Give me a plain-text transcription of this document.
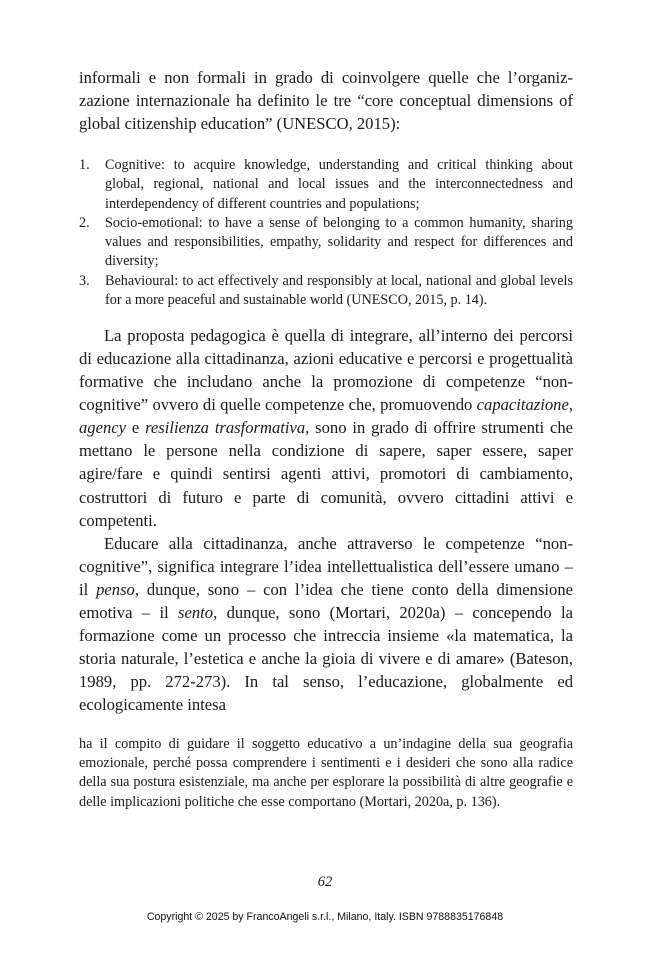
informali e non formali in grado di coinvolgere quelle che l’organizzazione internazionale ha definito le tre “core conceptual dimensions of global citizenship education” (UNESCO, 2015):

1. Cognitive: to acquire knowledge, understanding and critical thinking about global, regional, national and local issues and the interconnectedness and interdependency of different countries and populations;
2. Socio-emotional: to have a sense of belonging to a common humanity, sharing values and responsibilities, empathy, solidarity and respect for differences and diversity;
3. Behavioural: to act effectively and responsibly at local, national and global levels for a more peaceful and sustainable world (UNESCO, 2015, p. 14).

La proposta pedagogica è quella di integrare, all’interno dei percorsi di educazione alla cittadinanza, azioni educative e percorsi e progettualità formative che includano anche la promozione di competenze “non-cognitive” ovvero di quelle competenze che, promuovendo capacitazione, agency e resilienza trasformativa, sono in grado di offrire strumenti che mettano le persone nella condizione di sapere, saper essere, saper agire/fare e quindi sentirsi agenti attivi, promotori di cambiamento, costruttori di futuro e parte di comunità, ovvero cittadini attivi e competenti.

Educare alla cittadinanza, anche attraverso le competenze “non-cognitive”, significa integrare l’idea intellettualistica dell’essere umano – il penso, dunque, sono – con l’idea che tiene conto della dimensione emotiva – il sento, dunque, sono (Mortari, 2020a) – concependo la formazione come un processo che intreccia insieme «la matematica, la storia naturale, l’estetica e anche la gioia di vivere e di amare» (Bateson, 1989, pp. 272-273). In tal senso, l’educazione, globalmente ed ecologicamente intesa

ha il compito di guidare il soggetto educativo a un’indagine della sua geografia emozionale, perché possa comprendere i sentimenti e i desideri che sono alla radice della sua postura esistenziale, ma anche per esplorare la possibilità di altre geografie e delle implicazioni politiche che esse comportano (Mortari, 2020a, p. 136).

62
Copyright © 2025 by FrancoAngeli s.r.l., Milano, Italy. ISBN 9788835176848
